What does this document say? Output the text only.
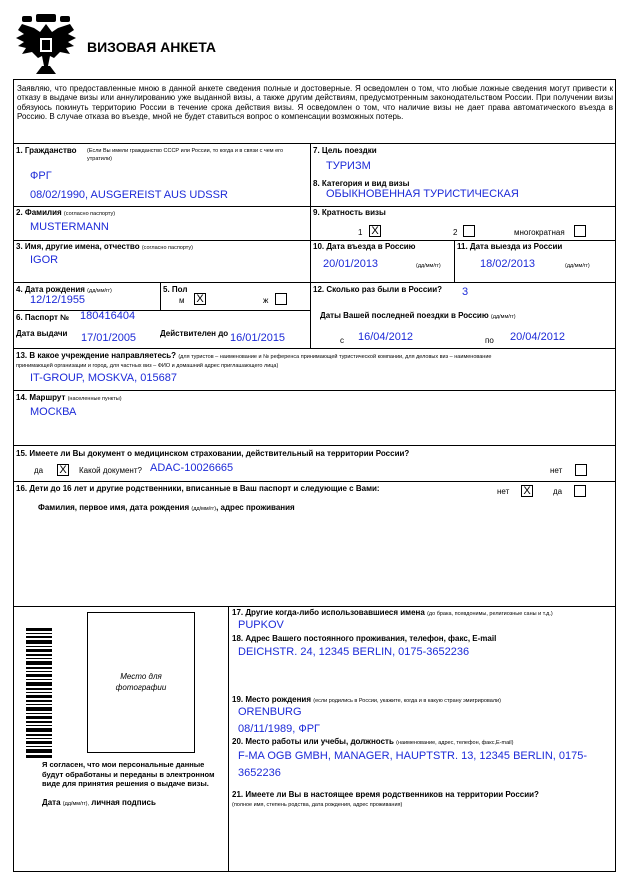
ВИЗОВАЯ АНКЕТА
Заявляю, что предоставленные мною в данной анкете сведения полные и достоверные. Я осведомлен о том, что любые ложные сведения могут привести к отказу в выдаче визы или аннулированию уже выданной визы, а также другим действиям, предусмотренным законодательством России. При получении визы обязуюсь покинуть территорию России в течение срока действия визы. Я осведомлен о том, что наличие визы не дает права автоматического въезда в Россию. В случае отказа во въезде, мной не будет ставиться вопрос о компенсации возможных потерь.
1. Гражданство (Если Вы имели гражданство СССР или России, то когда и в связи с чем его утратили)
ФРГ
08/02/1990, AUSGEREIST AUS UDSSR
7. Цель поездки
ТУРИЗМ
8. Категория и вид визы
ОБЫКНОВЕННАЯ ТУРИСТИЧЕСКАЯ
2. Фамилия (согласно паспорту)
MUSTERMANN
9. Кратность визы
1 X	2	многократная
3. Имя, другие имена, отчество (согласно паспорту)
IGOR
10. Дата въезда в Россию
20/01/2013	(дд/мм/гг)
11. Дата выезда из России
18/02/2013	(дд/мм/гг)
4. Дата рождения (дд/мм/гг)
12/12/1955
5. Пол
м X	ж
12. Сколько раз были в России? 3
6. Паспорт № 180416404
Дата выдачи 17/01/2005	Действителен до 16/01/2015
Даты Вашей последней поездки в Россию (дд/мм/гг)
с 16/04/2012	по 20/04/2012
13. В какое учреждение направляетесь? (для туристов – наименование и № референса принимающей туристической компании, для деловых виз – наименование
принимающей организации и город, для частных виз – ФИО и домашний адрес приглашающего лица)
IT-GROUP, MOSKVA, 015687
14. Маршрут (населенные пункты)
МОСКВА
15. Имеете ли Вы документ о медицинском страховании, действительный на территории России?
да X Какой документ? ADAC-10026665	нет
16. Дети до 16 лет и другие родственники, вписанные в Ваш паспорт и следующие с Вами:	нет X	да
Фамилия, первое имя, дата рождения (дд/мм/гг), адрес проживания
Место для
фотографии
Я согласен, что мои персональные данные будут обработаны и переданы в электронном виде для принятия решения о выдаче визы.
Дата (дд/мм/гг), личная подпись
17. Другие когда-либо использовавшиеся имена (до брака, псевдонимы, религиозные саны и т.д.)
PUPKOV
18. Адрес Вашего постоянного проживания, телефон, факс, E-mail
DEICHSTR. 24, 12345 BERLIN, 0175-3652236
19. Место рождения (если родились в России, укажите, когда и в какую страну эмигрировали)
ORENBURG
08/11/1989, ФРГ
20. Место работы или учебы, должность (наименование, адрес, телефон, факс,E-mail)
F-MA OGB GMBH, MANAGER, HAUPTSTR. 13, 12345 BERLIN, 0175-
3652236
21. Имеете ли Вы в настоящее время родственников на территории России?
(полное имя, степень родства, дата рождения, адрес проживания)
